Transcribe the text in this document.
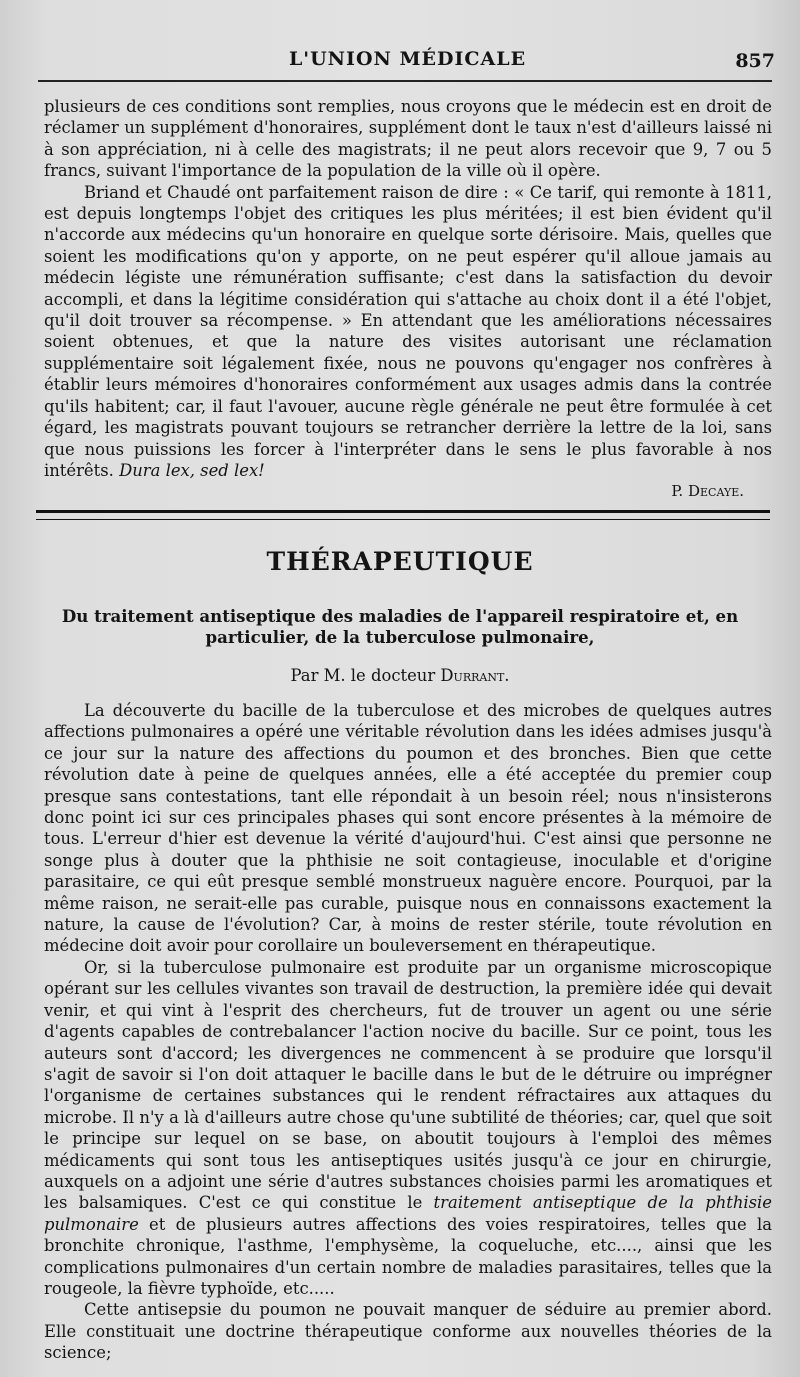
L'UNION MÉDICALE	857

plusieurs de ces conditions sont remplies, nous croyons que le médecin est en droit de réclamer un supplément d'honoraires, supplément dont le taux n'est d'ailleurs laissé ni à son appréciation, ni à celle des magistrats; il ne peut alors recevoir que 9, 7 ou 5 francs, suivant l'importance de la population de la ville où il opère.

Briand et Chaudé ont parfaitement raison de dire : « Ce tarif, qui remonte à 1811, est depuis longtemps l'objet des critiques les plus méritées; il est bien évident qu'il n'accorde aux médecins qu'un honoraire en quelque sorte dérisoire. Mais, quelles que soient les modifications qu'on y apporte, on ne peut espérer qu'il alloue jamais au médecin légiste une rémunération suffisante; c'est dans la satisfaction du devoir accompli, et dans la légitime considération qui s'attache au choix dont il a été l'objet, qu'il doit trouver sa récompense. » En attendant que les améliorations nécessaires soient obtenues, et que la nature des visites autorisant une réclamation supplémentaire soit légalement fixée, nous ne pouvons qu'engager nos confrères à établir leurs mémoires d'honoraires conformément aux usages admis dans la contrée qu'ils habitent; car, il faut l'avouer, aucune règle générale ne peut être formulée à cet égard, les magistrats pouvant toujours se retrancher derrière la lettre de la loi, sans que nous puissions les forcer à l'interpréter dans le sens le plus favorable à nos intérêts. Dura lex, sed lex!

P. Decaye.

THÉRAPEUTIQUE
Du traitement antiseptique des maladies de l'appareil respiratoire et, en particulier, de la tuberculose pulmonaire,
Par M. le docteur Durrant.

La découverte du bacille de la tuberculose et des microbes de quelques autres affections pulmonaires a opéré une véritable révolution dans les idées admises jusqu'à ce jour sur la nature des affections du poumon et des bronches. Bien que cette révolution date à peine de quelques années, elle a été acceptée du premier coup presque sans contestations, tant elle répondait à un besoin réel; nous n'insisterons donc point ici sur ces principales phases qui sont encore présentes à la mémoire de tous. L'erreur d'hier est devenue la vérité d'aujourd'hui. C'est ainsi que personne ne songe plus à douter que la phthisie ne soit contagieuse, inoculable et d'origine parasitaire, ce qui eût presque semblé monstrueux naguère encore. Pourquoi, par la même raison, ne serait-elle pas curable, puisque nous en connaissons exactement la nature, la cause de l'évolution? Car, à moins de rester stérile, toute révolution en médecine doit avoir pour corollaire un bouleversement en thérapeutique.

Or, si la tuberculose pulmonaire est produite par un organisme microscopique opérant sur les cellules vivantes son travail de destruction, la première idée qui devait venir, et qui vint à l'esprit des chercheurs, fut de trouver un agent ou une série d'agents capables de contrebalancer l'action nocive du bacille. Sur ce point, tous les auteurs sont d'accord; les divergences ne commencent à se produire que lorsqu'il s'agit de savoir si l'on doit attaquer le bacille dans le but de le détruire ou imprégner l'organisme de certaines substances qui le rendent réfractaires aux attaques du microbe. Il n'y a là d'ailleurs autre chose qu'une subtilité de théories; car, quel que soit le principe sur lequel on se base, on aboutit toujours à l'emploi des mêmes médicaments qui sont tous les antiseptiques usités jusqu'à ce jour en chirurgie, auxquels on a adjoint une série d'autres substances choisies parmi les aromatiques et les balsamiques. C'est ce qui constitue le traitement antiseptique de la phthisie pulmonaire et de plusieurs autres affections des voies respiratoires, telles que la bronchite chronique, l'asthme, l'emphysème, la coqueluche, etc...., ainsi que les complications pulmonaires d'un certain nombre de maladies parasitaires, telles que la rougeole, la fièvre typhoïde, etc.....

Cette antisepsie du poumon ne pouvait manquer de séduire au premier abord. Elle constituait une doctrine thérapeutique conforme aux nouvelles théories de la science;
